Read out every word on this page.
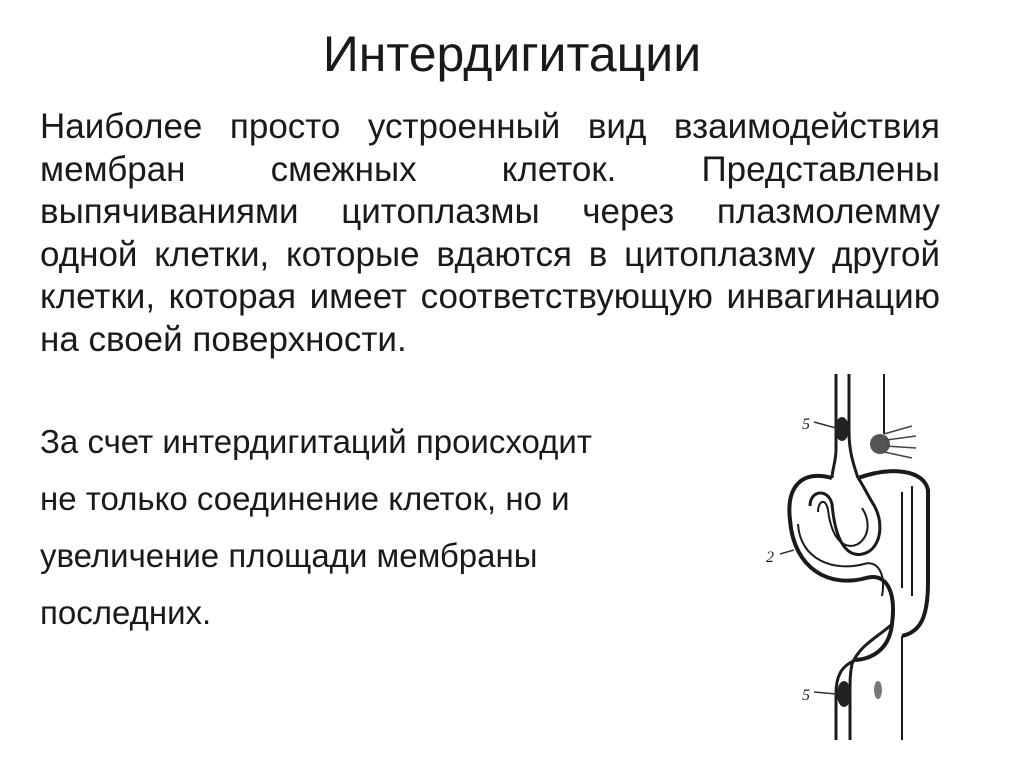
Интердигитации

Наиболее просто устроенный вид взаимодействия мембран смежных клеток. Представлены выпячиваниями цитоплазмы через плазмолемму одной клетки, которые вдаются в цитоплазму другой клетки, которая имеет соответствующую инвагинацию на своей поверхности.

За счет интердигитаций происходит
не только соединение клеток, но и
увеличение площади мембраны
последних.
5
2
5
